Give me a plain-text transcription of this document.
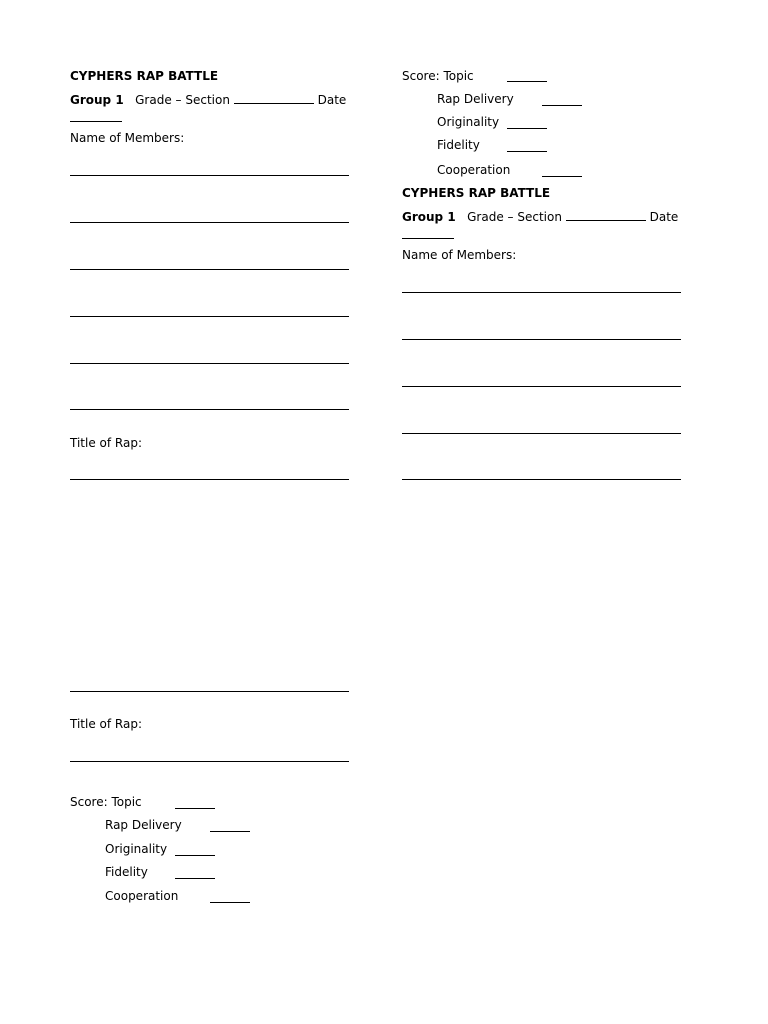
CYPHERS RAP BATTLE
Group 1 Grade – Section	Date
Name of Members:
Title of Rap:
Title of Rap:
Score: Topic
Rap Delivery
Originality
Fidelity
Cooperation
Score: Topic
Rap Delivery
Originality
Fidelity
Cooperation
CYPHERS RAP BATTLE
Group 1 Grade – Section	Date
Name of Members:
